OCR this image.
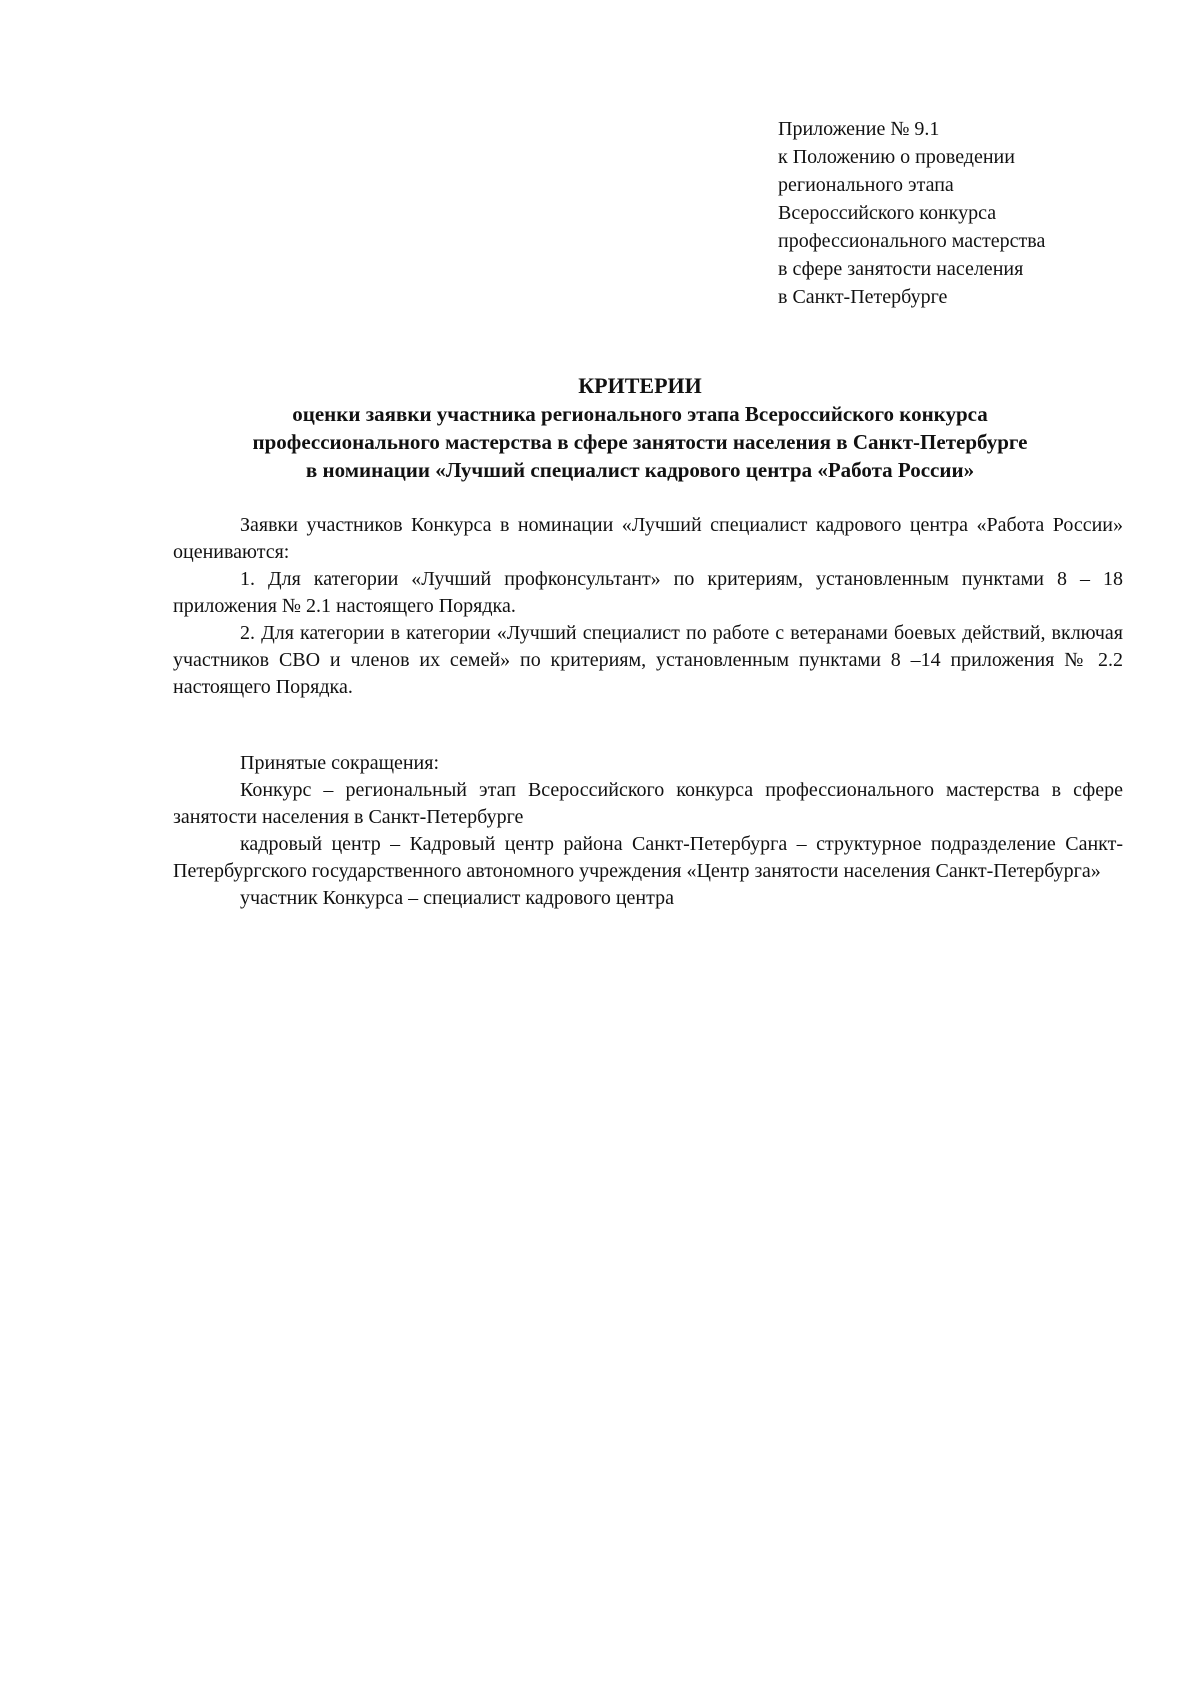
Приложение № 9.1
к Положению о проведении
регионального этапа
Всероссийского конкурса
профессионального мастерства
в сфере занятости населения
в Санкт-Петербурге
КРИТЕРИИ
оценки заявки участника регионального этапа Всероссийского конкурса
профессионального мастерства в сфере занятости населения в Санкт-Петербурге
в номинации «Лучший специалист кадрового центра «Работа России»

Заявки участников Конкурса в номинации «Лучший специалист кадрового центра «Работа России» оцениваются:

1. Для категории «Лучший профконсультант» по критериям, установленным пунктами 8 – 18 приложения № 2.1 настоящего Порядка.

2. Для категории в категории «Лучший специалист по работе с ветеранами боевых действий, включая участников СВО и членов их семей» по критериям, установленным пунктами 8 –14 приложения № 2.2 настоящего Порядка.

Принятые сокращения:

Конкурс – региональный этап Всероссийского конкурса профессионального мастерства в сфере занятости населения в Санкт-Петербурге

кадровый центр – Кадровый центр района Санкт-Петербурга – структурное подразделение Санкт-Петербургского государственного автономного учреждения «Центр занятости населения Санкт-Петербурга»

участник Конкурса – специалист кадрового центра
